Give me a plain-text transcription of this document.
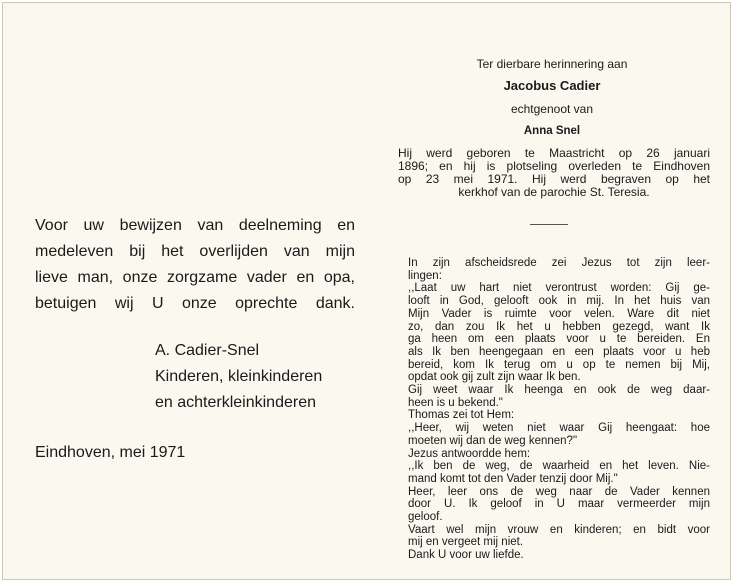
Voor uw bewijzen van deelneming en
medeleven bij het overlijden van mijn
lieve man, onze zorgzame vader en opa,
betuigen wij U onze oprechte dank.
A. Cadier-Snel
Kinderen, kleinkinderen
en achterkleinkinderen
Eindhoven, mei 1971
Ter dierbare herinnering aan
Jacobus Cadier
echtgenoot van
Anna Snel
Hij werd geboren te Maastricht op 26 januari
1896; en hij is plotseling overleden te Eindhoven
op 23 mei 1971. Hij werd begraven op het
kerkhof van de parochie St. Teresia.
In zijn afscheidsrede zei Jezus tot zijn leer-
lingen:
,,Laat uw hart niet verontrust worden: Gij ge-
looft in God, gelooft ook in mij. In het huis van
Mijn Vader is ruimte voor velen. Ware dit niet
zo, dan zou Ik het u hebben gezegd, want Ik
ga heen om een plaats voor u te bereiden. En
als Ik ben heengegaan en een plaats voor u heb
bereid, kom Ik terug om u op te nemen bij Mij,
opdat ook gij zult zijn waar Ik ben.
Gij weet waar Ik heenga en ook de weg daar-
heen is u bekend."
Thomas zei tot Hem:
,,Heer, wij weten niet waar Gij heengaat: hoe
moeten wij dan de weg kennen?"
Jezus antwoordde hem:
,,Ik ben de weg, de waarheid en het leven. Nie-
mand komt tot den Vader tenzij door Mij."
Heer, leer ons de weg naar de Vader kennen
door U. Ik geloof in U maar vermeerder mijn
geloof.
Vaart wel mijn vrouw en kinderen; en bidt voor
mij en vergeet mij niet.
Dank U voor uw liefde.
